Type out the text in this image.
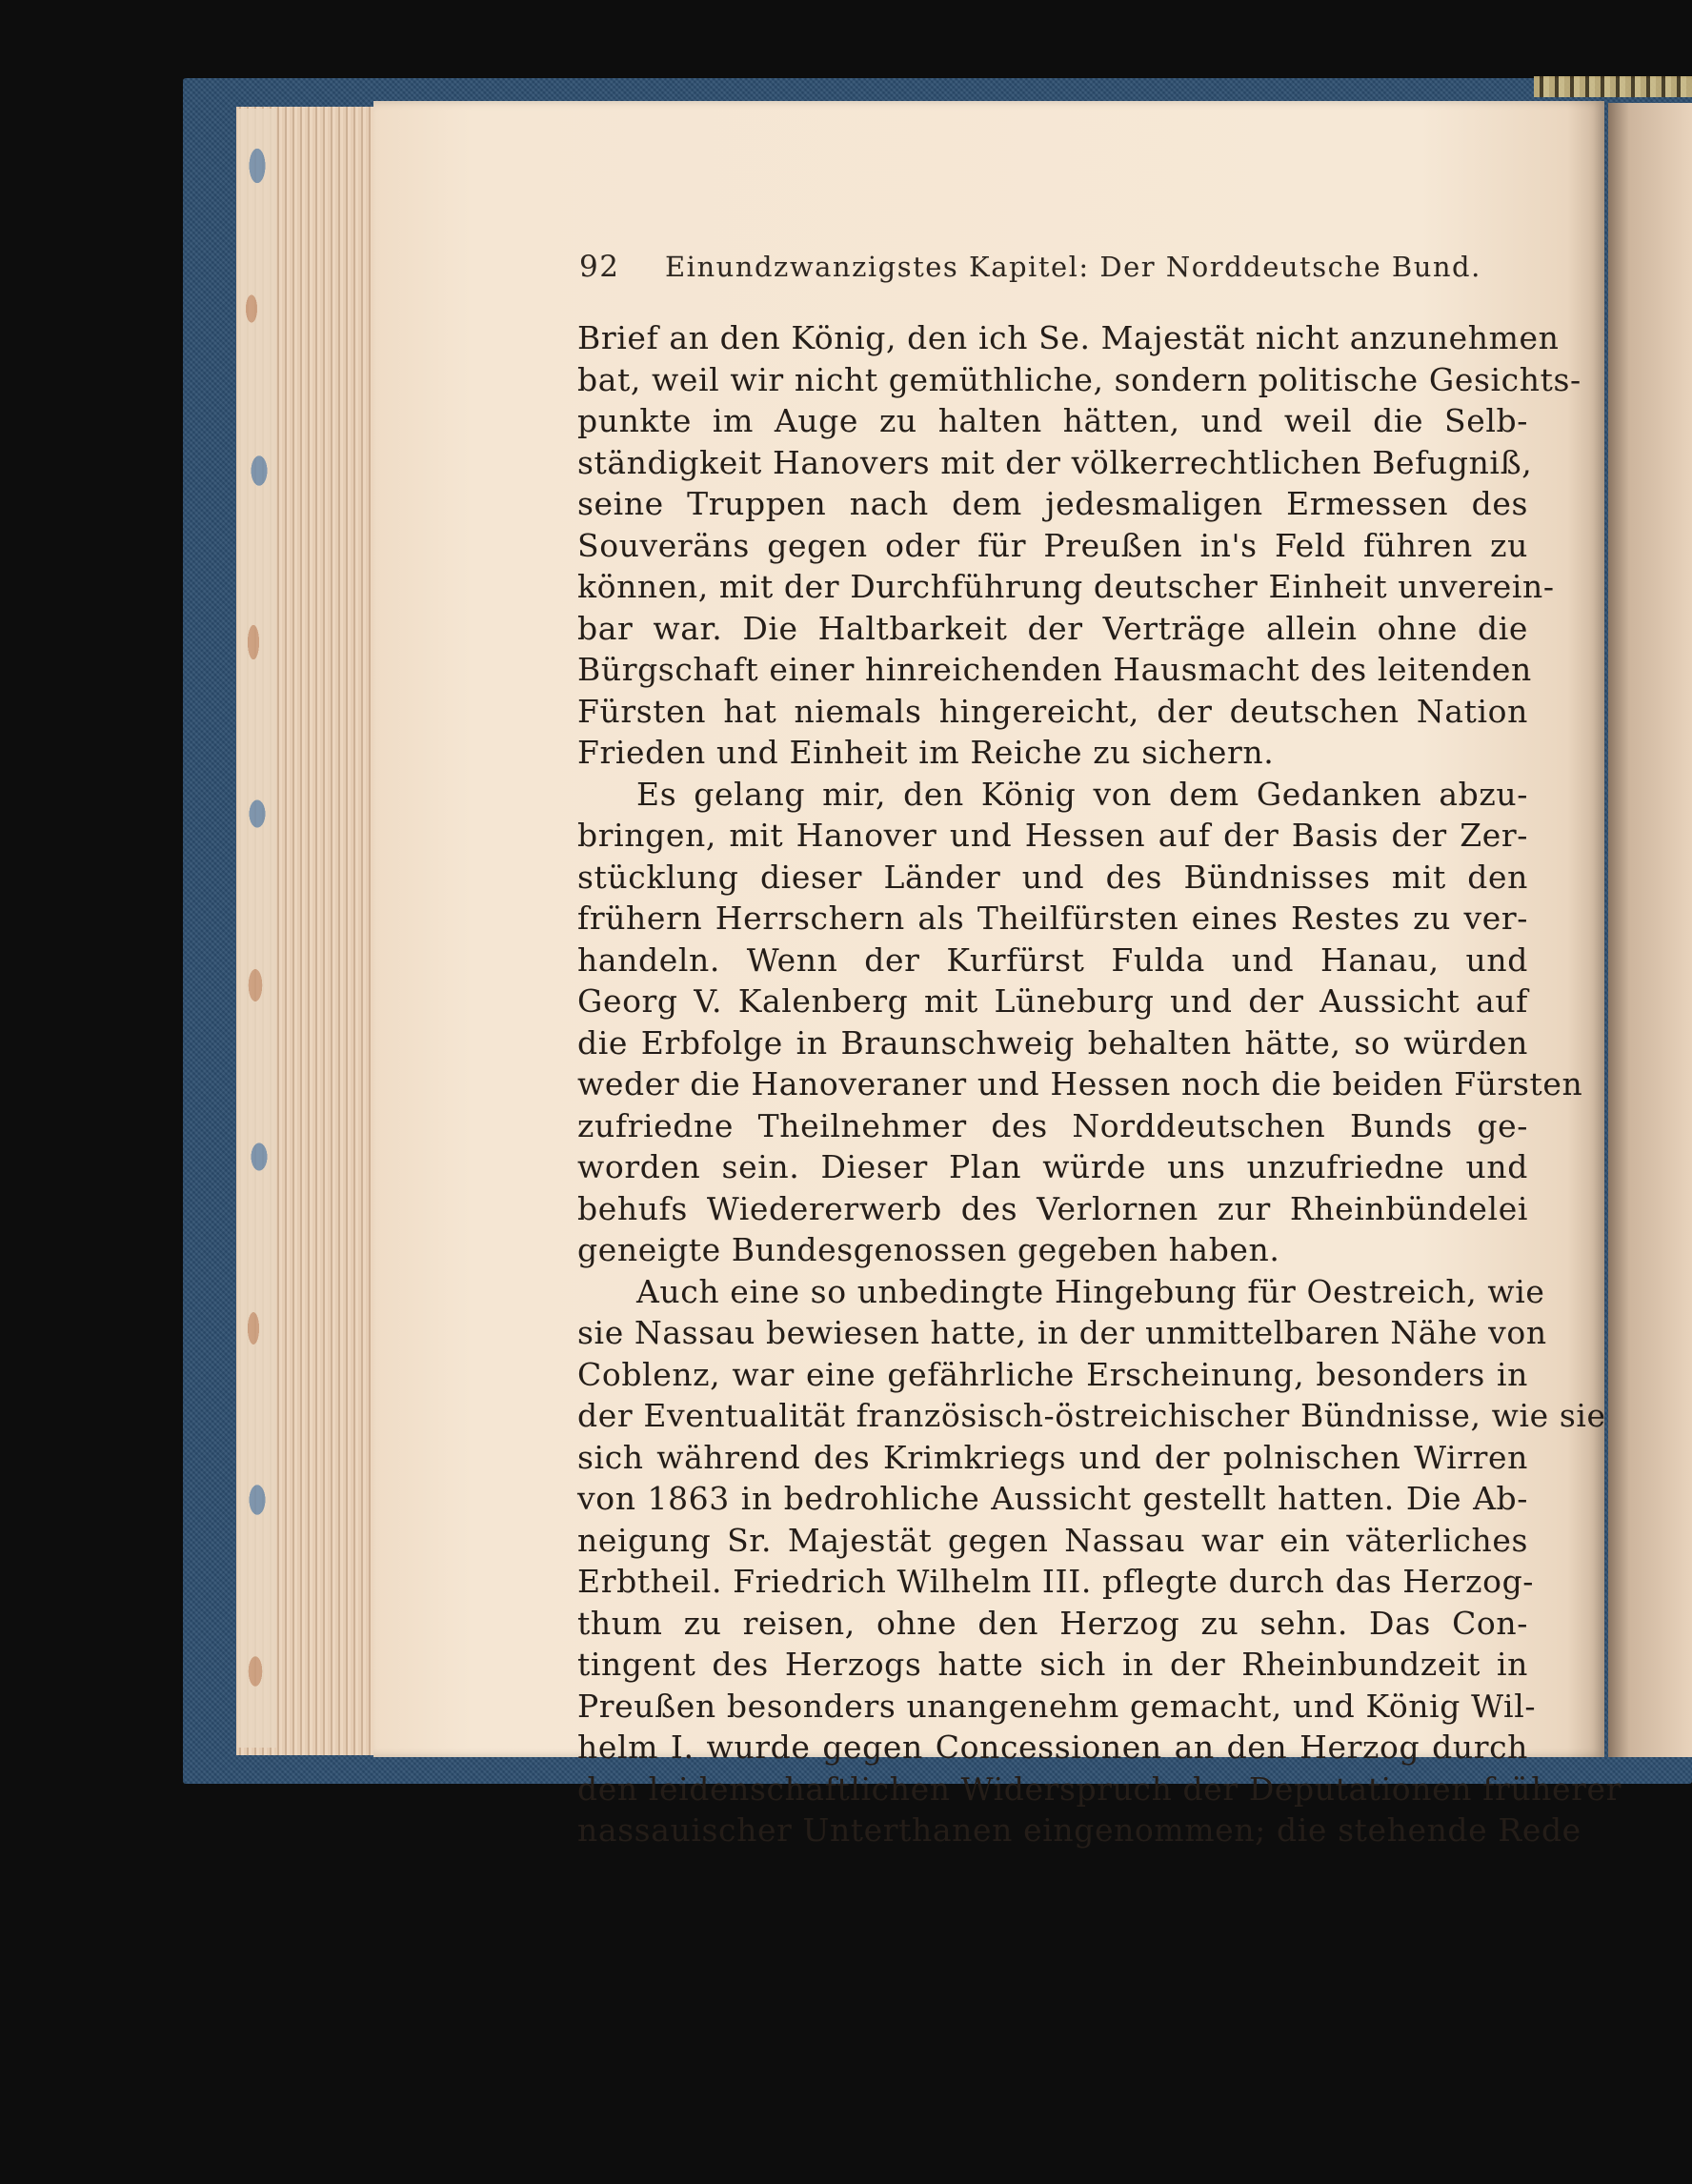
92 Einundzwanzigstes Kapitel: Der Norddeutsche Bund.
Brief an den König, den ich Se. Majestät nicht anzunehmen
bat, weil wir nicht gemüthliche, sondern politische Gesichts-
punkte im Auge zu halten hätten, und weil die Selb-
ständigkeit Hanovers mit der völkerrechtlichen Befugniß,
seine Truppen nach dem jedesmaligen Ermessen des
Souveräns gegen oder für Preußen in's Feld führen zu
können, mit der Durchführung deutscher Einheit unverein-
bar war. Die Haltbarkeit der Verträge allein ohne die
Bürgschaft einer hinreichenden Hausmacht des leitenden
Fürsten hat niemals hingereicht, der deutschen Nation
Frieden und Einheit im Reiche zu sichern.
Es gelang mir, den König von dem Gedanken abzu-
bringen, mit Hanover und Hessen auf der Basis der Zer-
stücklung dieser Länder und des Bündnisses mit den
frühern Herrschern als Theilfürsten eines Restes zu ver-
handeln. Wenn der Kurfürst Fulda und Hanau, und
Georg V. Kalenberg mit Lüneburg und der Aussicht auf
die Erbfolge in Braunschweig behalten hätte, so würden
weder die Hanoveraner und Hessen noch die beiden Fürsten
zufriedne Theilnehmer des Norddeutschen Bunds ge-
worden sein. Dieser Plan würde uns unzufriedne und
behufs Wiedererwerb des Verlornen zur Rheinbündelei
geneigte Bundesgenossen gegeben haben.
Auch eine so unbedingte Hingebung für Oestreich, wie
sie Nassau bewiesen hatte, in der unmittelbaren Nähe von
Coblenz, war eine gefährliche Erscheinung, besonders in
der Eventualität französisch-östreichischer Bündnisse, wie sie
sich während des Krimkriegs und der polnischen Wirren
von 1863 in bedrohliche Aussicht gestellt hatten. Die Ab-
neigung Sr. Majestät gegen Nassau war ein väterliches
Erbtheil. Friedrich Wilhelm III. pflegte durch das Herzog-
thum zu reisen, ohne den Herzog zu sehn. Das Con-
tingent des Herzogs hatte sich in der Rheinbundzeit in
Preußen besonders unangenehm gemacht, und König Wil-
helm I. wurde gegen Concessionen an den Herzog durch
den leidenschaftlichen Widerspruch der Deputationen früherer
nassauischer Unterthanen eingenommen; die stehende Rede
